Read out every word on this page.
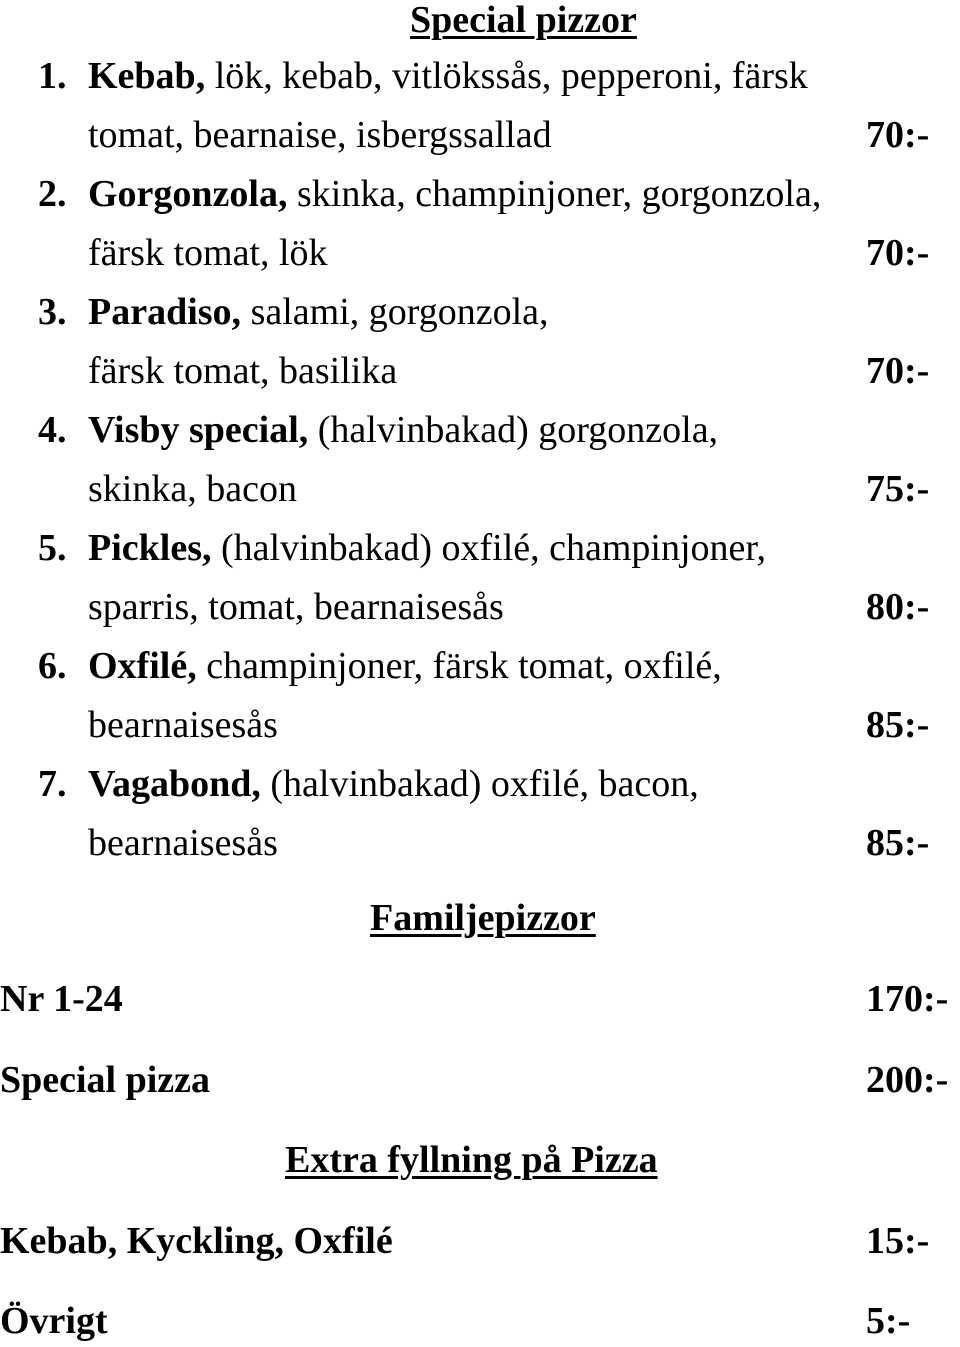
Special pizzor
1. Kebab, lök, kebab, vitlökssås, pepperoni, färsk
tomat, bearnaise, isbergssallad	70:-
2. Gorgonzola, skinka, champinjoner, gorgonzola,
färsk tomat, lök	70:-
3. Paradiso, salami, gorgonzola,
färsk tomat, basilika	70:-
4. Visby special, (halvinbakad) gorgonzola,
skinka, bacon	75:-
5. Pickles, (halvinbakad) oxfilé, champinjoner,
sparris, tomat, bearnaisesås	80:-
6. Oxfilé, champinjoner, färsk tomat, oxfilé,
bearnaisesås	85:-
7. Vagabond, (halvinbakad) oxfilé, bacon,
bearnaisesås	85:-
Familjepizzor
Nr 1-24	170:-
Special pizza	200:-
Extra fyllning på Pizza
Kebab, Kyckling, Oxfilé	15:-
Övrigt	5:-
